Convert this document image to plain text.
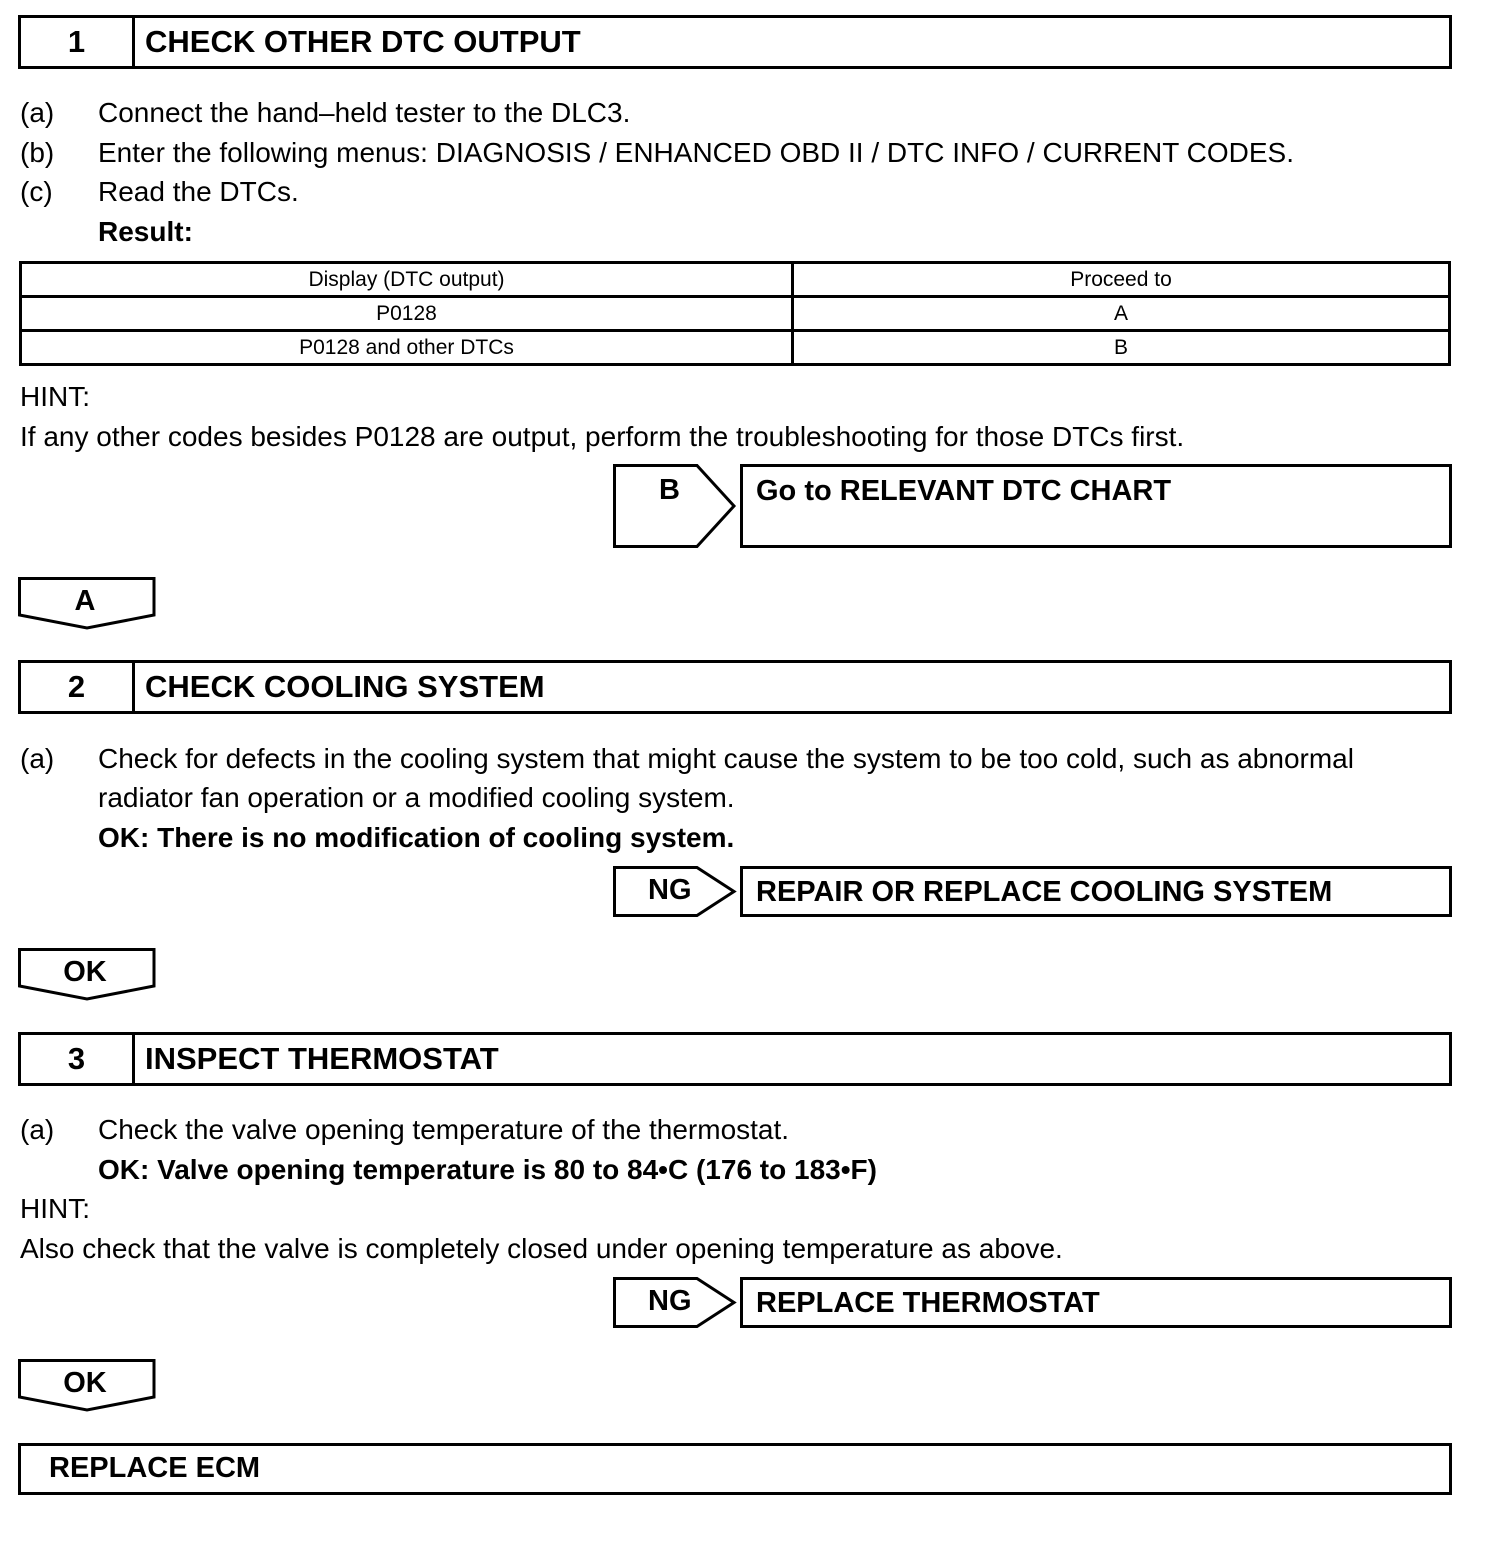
1	CHECK OTHER DTC OUTPUT
(a) Connect the hand–held tester to the DLC3.
(b) Enter the following menus: DIAGNOSIS / ENHANCED OBD II / DTC INFO / CURRENT CODES.
(c) Read the DTCs.
Result:
Display (DTC output)	Proceed to
P0128	A
P0128 and other DTCs	B
HINT:
If any other codes besides P0128 are output, perform the troubleshooting for those DTCs first.
B	Go to RELEVANT DTC CHART
A
2	CHECK COOLING SYSTEM
(a) Check for defects in the cooling system that might cause the system to be too cold, such as abnormal
radiator fan operation or a modified cooling system.
OK: There is no modification of cooling system.
NG	REPAIR OR REPLACE COOLING SYSTEM
OK
3	INSPECT THERMOSTAT
(a) Check the valve opening temperature of the thermostat.
OK: Valve opening temperature is 80 to 84•C (176 to 183•F)
HINT:
Also check that the valve is completely closed under opening temperature as above.
NG	REPLACE THERMOSTAT
OK
REPLACE ECM
